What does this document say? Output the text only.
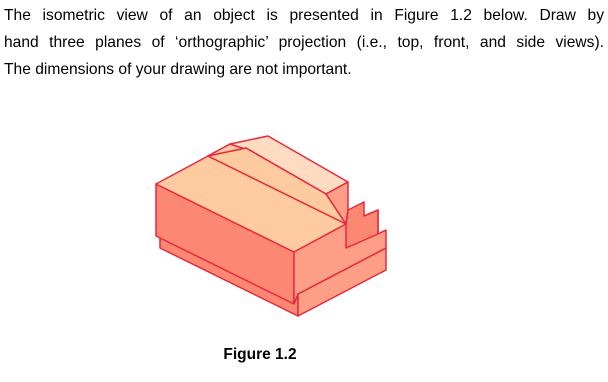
The isometric view of an object is presented in Figure 1.2 below. Draw by
hand three planes of ‘orthographic’ projection (i.e., top, front, and side views).
The dimensions of your drawing are not important.
Figure 1.2
